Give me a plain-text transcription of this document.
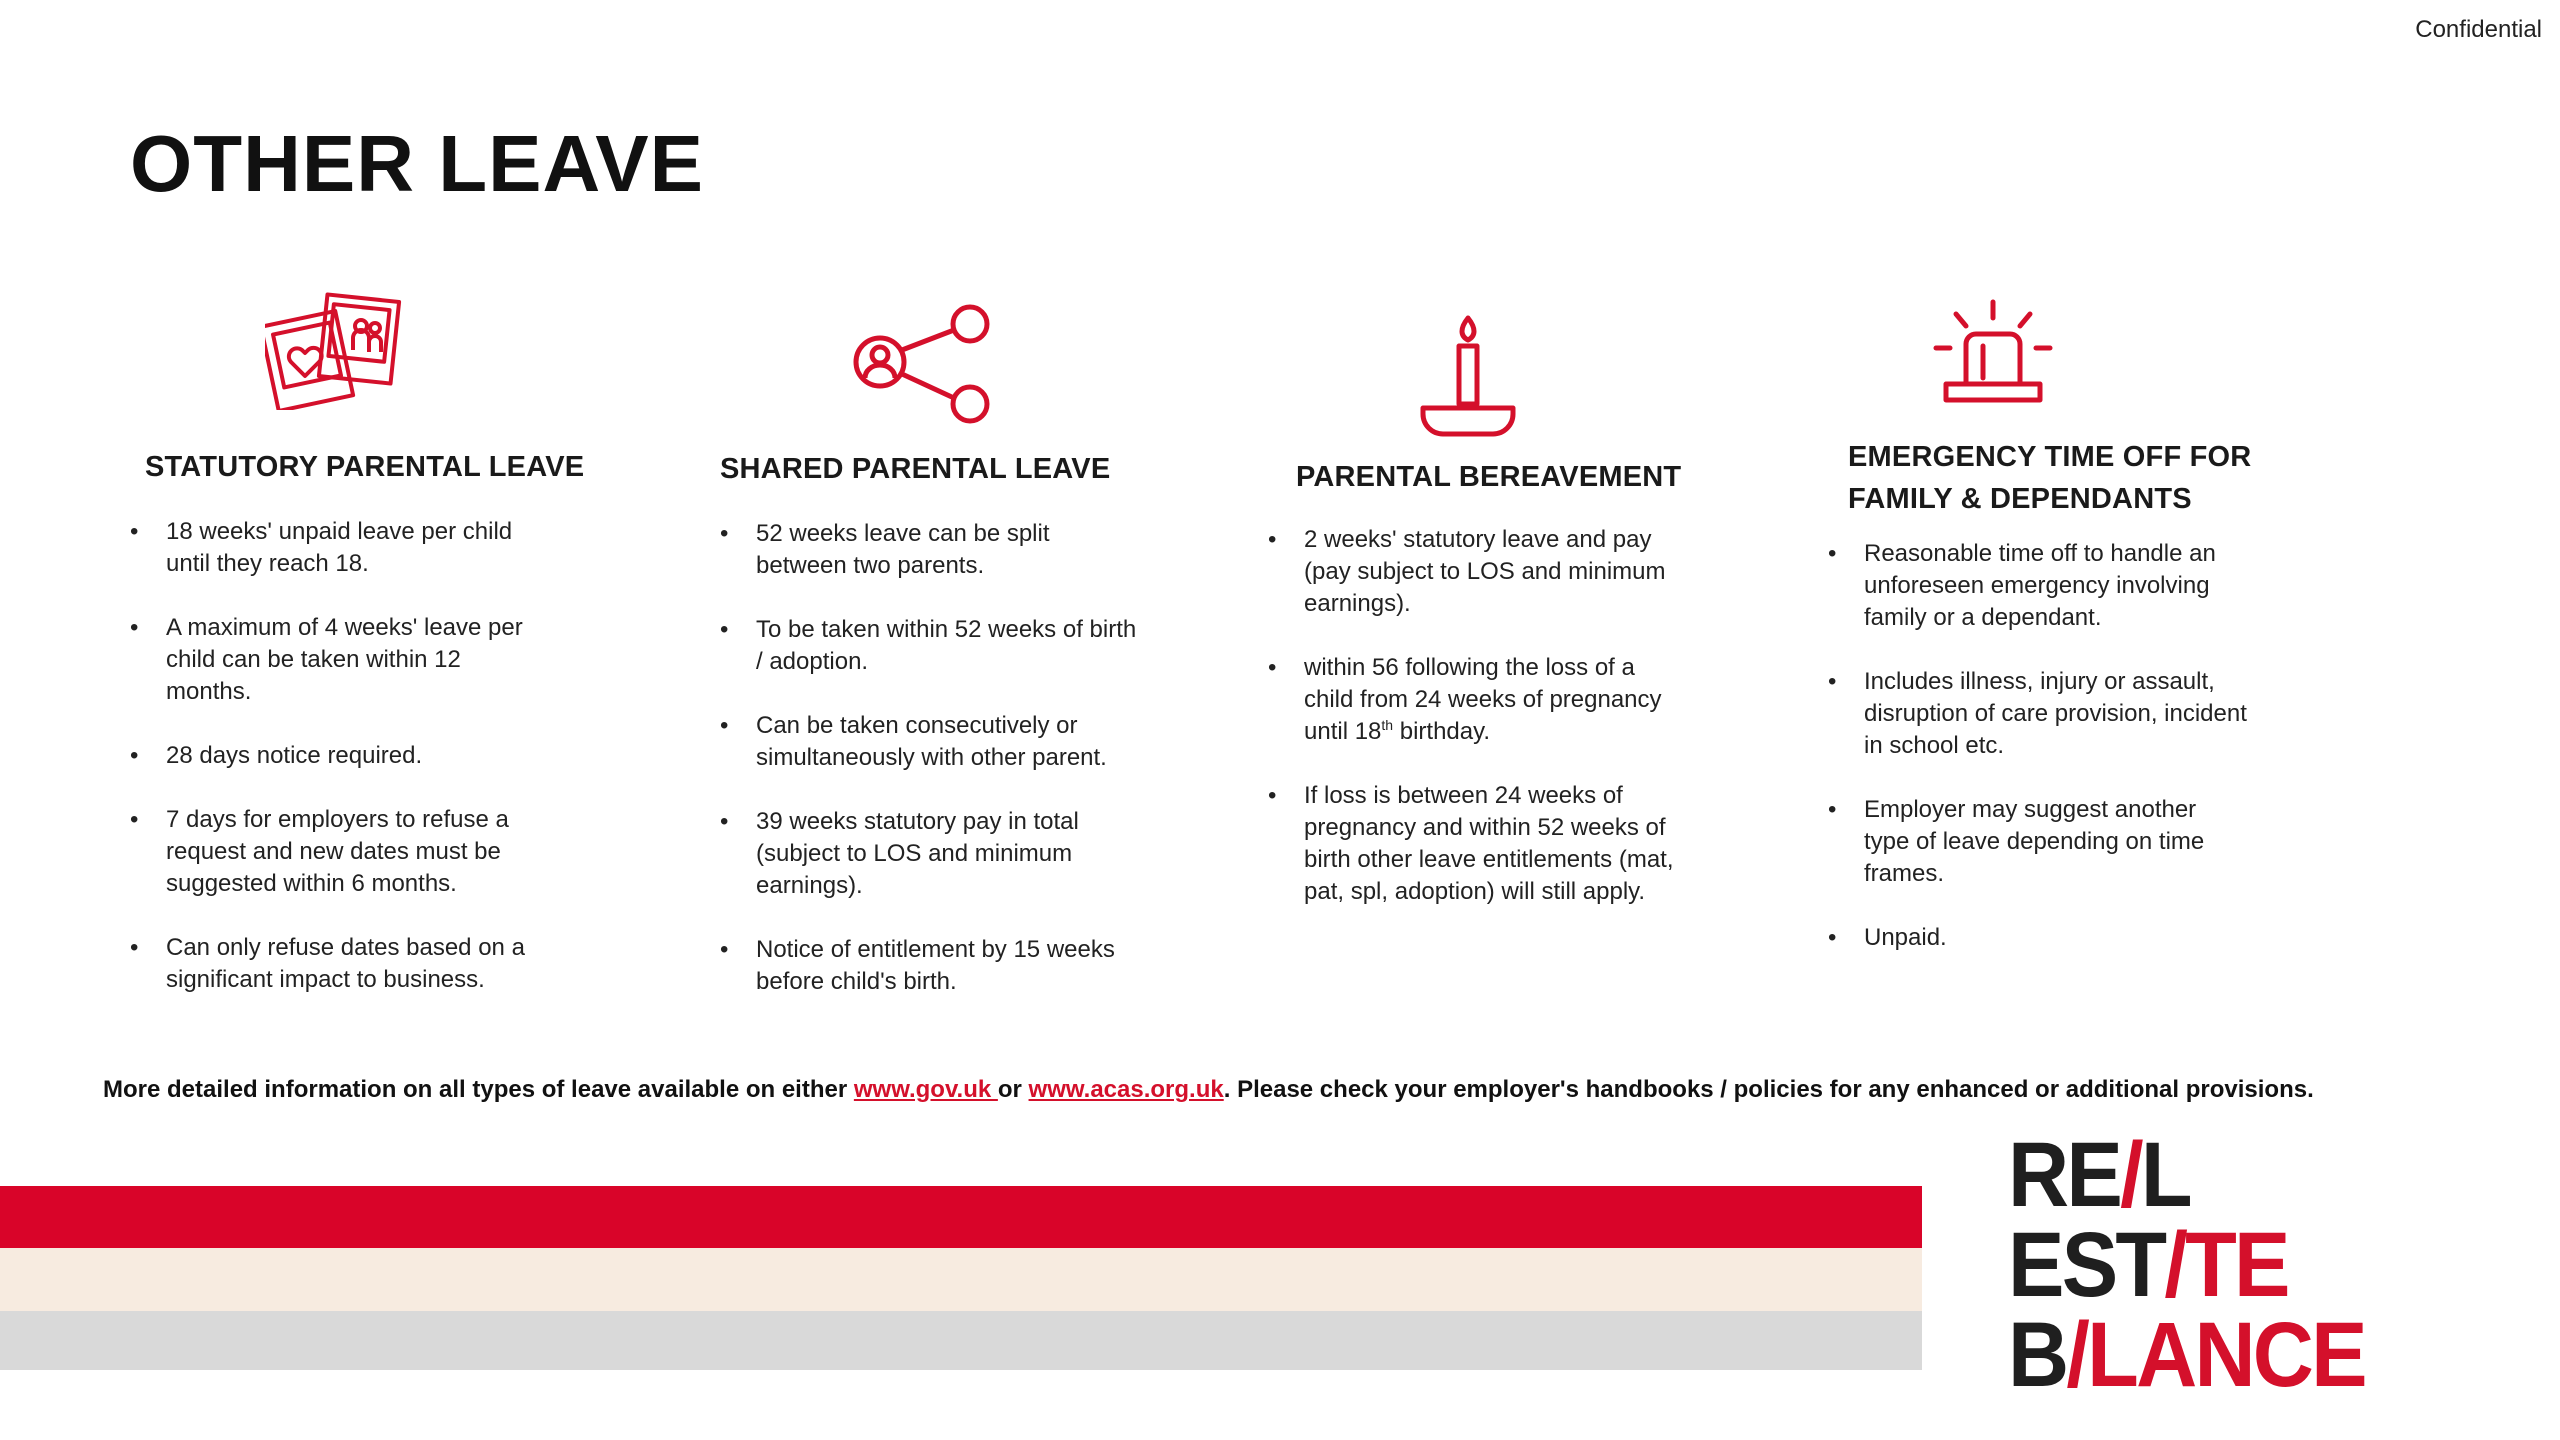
Confidential
OTHER LEAVE
STATUTORY PARENTAL LEAVE
• 18 weeks' unpaid leave per child until they reach 18.
• A maximum of 4 weeks' leave per child can be taken within 12 months.
• 28 days notice required.
• 7 days for employers to refuse a request and new dates must be suggested within 6 months.
• Can only refuse dates based on a significant impact to business.
SHARED PARENTAL LEAVE
• 52 weeks leave can be split between two parents.
• To be taken within 52 weeks of birth / adoption.
• Can be taken consecutively or simultaneously with other parent.
• 39 weeks statutory pay in total (subject to LOS and minimum earnings).
• Notice of entitlement by 15 weeks before child's birth.
PARENTAL BEREAVEMENT
• 2 weeks' statutory leave and pay (pay subject to LOS and minimum earnings).
• within 56 following the loss of a child from 24 weeks of pregnancy until 18th birthday.
• If loss is between 24 weeks of pregnancy and within 52 weeks of birth other leave entitlements (mat, pat, spl, adoption) will still apply.
EMERGENCY TIME OFF FOR
FAMILY & DEPENDANTS
• Reasonable time off to handle an unforeseen emergency involving family or a dependant.
• Includes illness, injury or assault, disruption of care provision, incident in school etc.
• Employer may suggest another type of leave depending on time frames.
• Unpaid.
More detailed information on all types of leave available on either www.gov.uk or www.acas.org.uk. Please check your employer's handbooks / policies for any enhanced or additional provisions.
RE/L
EST/TE
B/LANCE
